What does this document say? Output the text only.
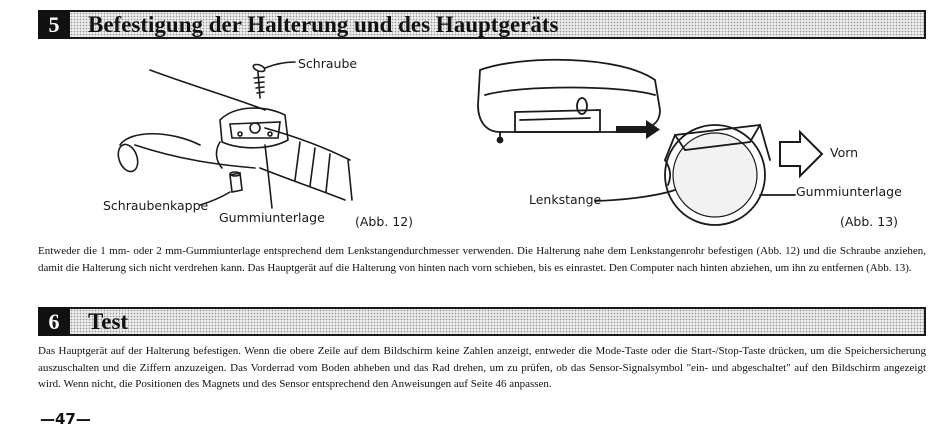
5	Befestigung der Halterung und des Hauptgeräts
Schraube
Schraubenkappe
Gummiunterlage (Abb. 12)
Vorn
Lenkstange
Gummiunterlage
(Abb. 13)

Entweder die 1 mm- oder 2 mm-Gummiunterlage entsprechend dem Lenkstangendurchmesser verwenden. Die Halterung nahe dem Lenkstangenrohr befestigen (Abb. 12) und die Schraube anziehen, damit die Halterung sich nicht verdrehen kann. Das Hauptgerät auf die Halterung von hinten nach vorn schieben, bis es einrastet. Den Computer nach hinten abziehen, um ihn zu entfernen (Abb. 13).

6	Test

Das Hauptgerät auf der Halterung befestigen. Wenn die obere Zeile auf dem Bildschirm keine Zahlen anzeigt, entweder die Mode-Taste oder die Start-/Stop-Taste drücken, um die Speichersicherung auszuschalten und die Ziffern anzuzeigen. Das Vorderrad vom Boden abheben und das Rad drehen, um zu prüfen, ob das Sensor-Signalsymbol "ein- und abgeschaltet" auf den Bildschirm angezeigt wird. Wenn nicht, die Positionen des Magnets und des Sensor entsprechend den Anweisungen auf Seite 46 anpassen.

—47—
